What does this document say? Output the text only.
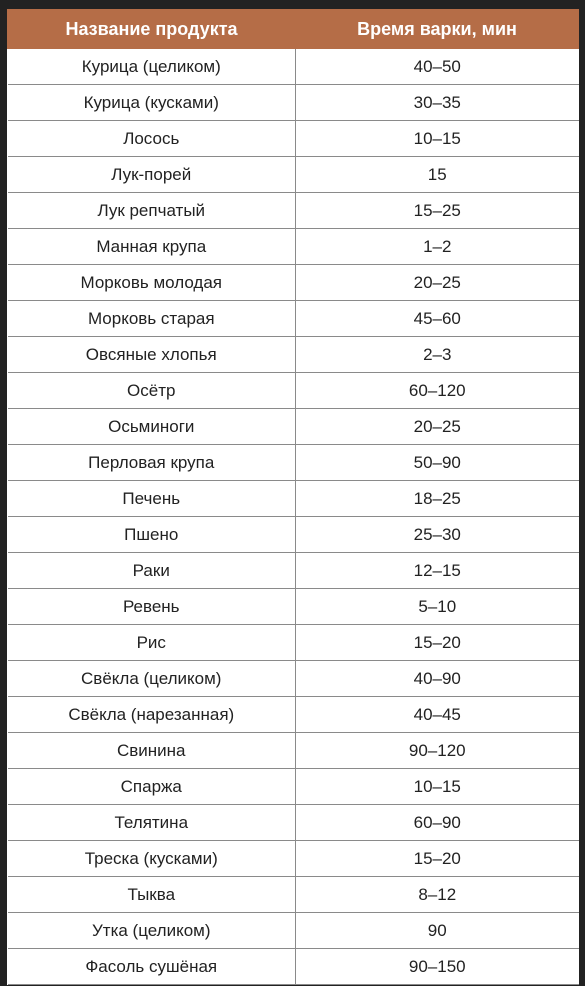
Название продукта	Время варки, мин
Курица (целиком)	40–50
Курица (кусками)	30–35
Лосось	10–15
Лук-порей	15
Лук репчатый	15–25
Манная крупа	1–2
Морковь молодая	20–25
Морковь старая	45–60
Овсяные хлопья	2–3
Осётр	60–120
Осьминоги	20–25
Перловая крупа	50–90
Печень	18–25
Пшено	25–30
Раки	12–15
Ревень	5–10
Рис	15–20
Свёкла (целиком)	40–90
Свёкла (нарезанная)	40–45
Свинина	90–120
Спаржа	10–15
Телятина	60–90
Треска (кусками)	15–20
Тыква	8–12
Утка (целиком)	90
Фасоль сушёная	90–150
